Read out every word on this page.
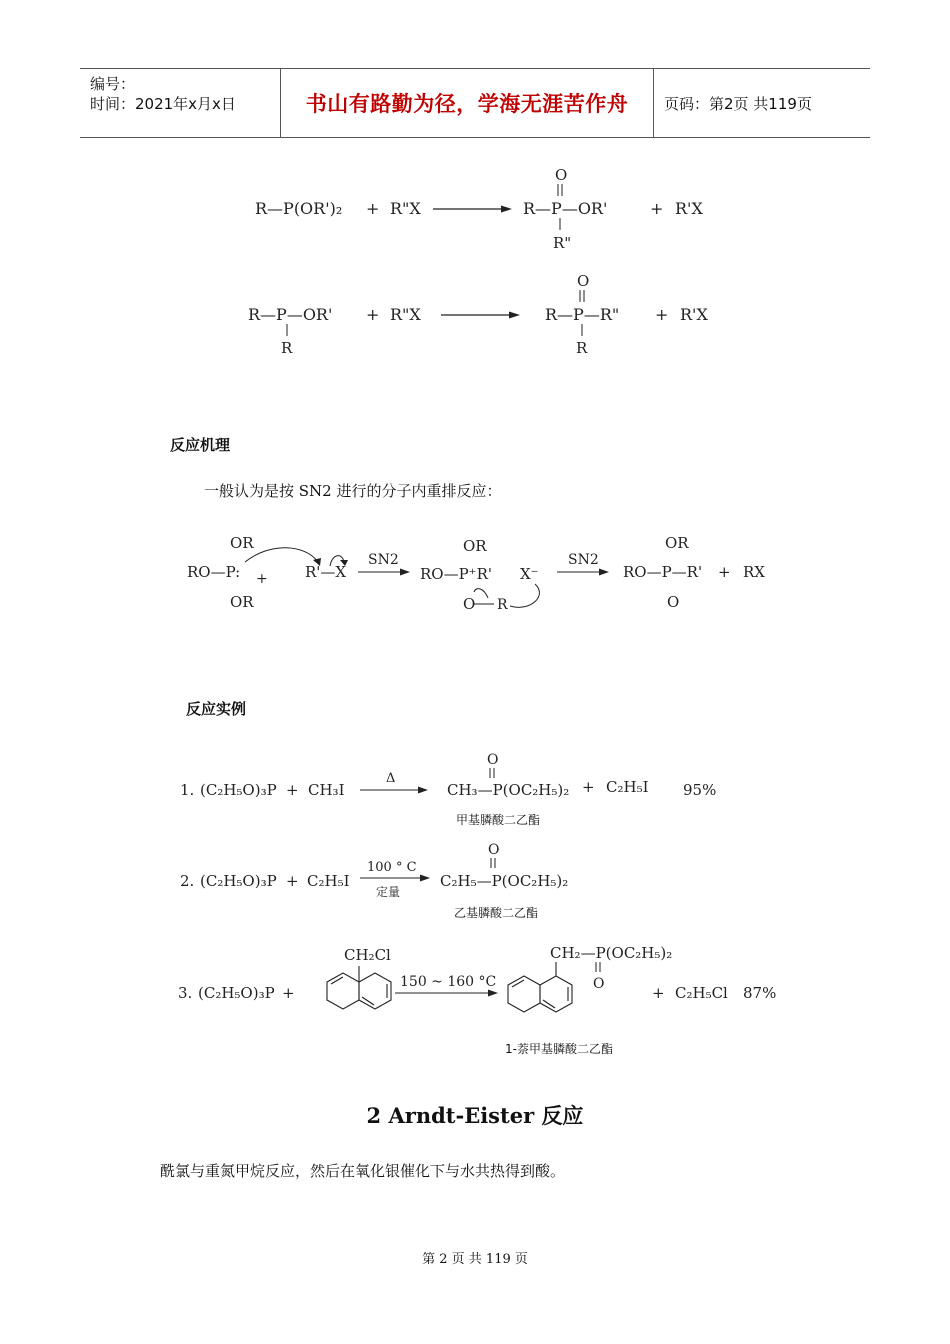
编号：
时间：2021年x月x日	书山有路勤为径，学海无涯苦作舟 页码：第2页 共119页
R—P(OR')₂ + R"X
O
R—P—OR'
R"
+ R'X
R—P—OR'
R
+ R"X
O
R—P—R"
R
+ R'X
反应机理
一般认为是按 SN2 进行的分子内重排反应：
OR
RO—P:
OR
+ R'—X
SN2
OR
RO—P⁺R' X⁻
O R
SN2
OR
RO—P—R'
O
+ RX
反应实例
1. (C₂H₅O)₃P + CH₃I
Δ
O
CH₃—P(OC₂H₅)₂ + C₂H₅I 95%
2. (C₂H₅O)₃P + C₂H₅I
100 ° C
定量
O
C₂H₅—P(OC₂H₅)₂
3. (C₂H₅O)₃P +
CH₂Cl
150 ~ 160 °C
CH₂—P(OC₂H₅)₂
O	+ C₂H₅Cl 87%
甲基膦酸二乙酯
乙基膦酸二乙酯
1-萘甲基膦酸二乙酯
2 Arndt-Eister 反应
酰氯与重氮甲烷反应，然后在氧化银催化下与水共热得到酸。
第 2 页 共 119 页
